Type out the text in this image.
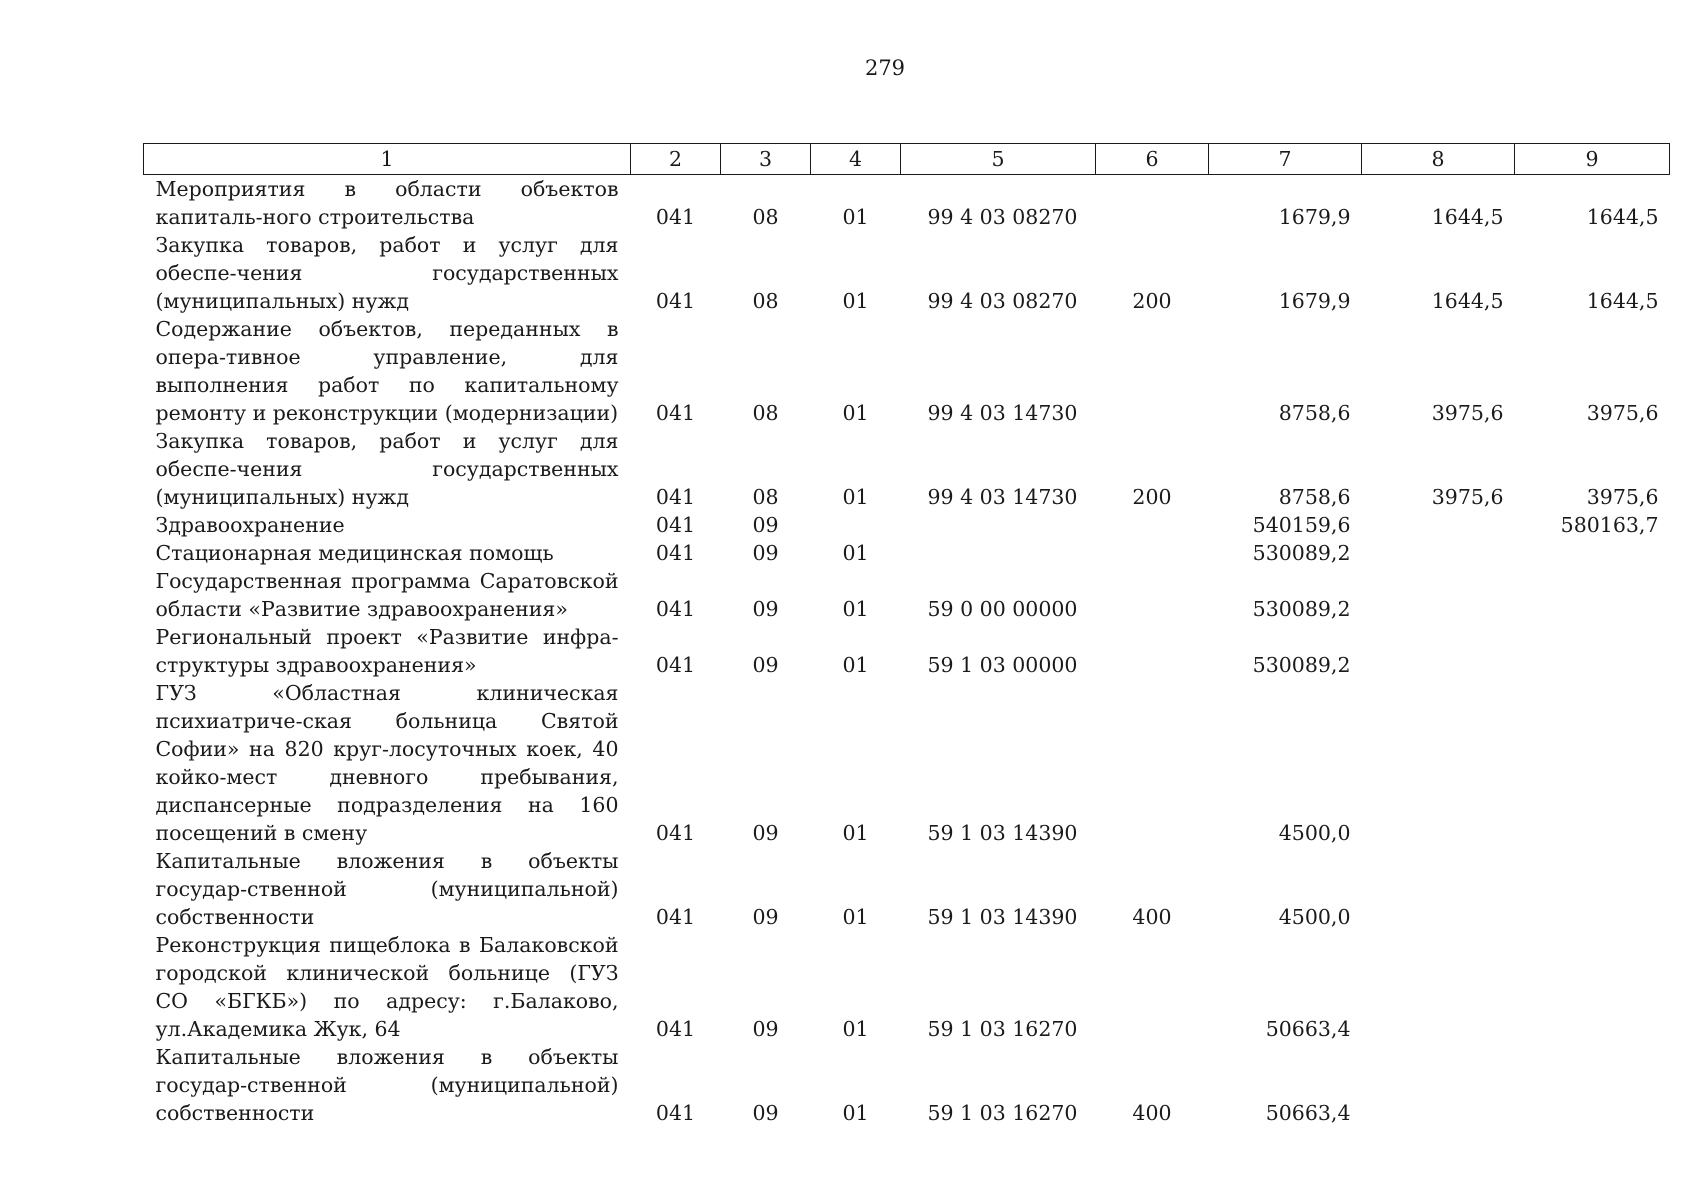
279
1	2	3	4	5	6	7	8	9
Мероприятия в области объектов капиталь-ного строительства	041	08	01	99 4 03 08270		1679,9	1644,5	1644,5
Закупка товаров, работ и услуг для обеспе-чения государственных (муниципальных) нужд	041	08	01	99 4 03 08270	200	1679,9	1644,5	1644,5
Содержание объектов, переданных в опера-тивное управление, для выполнения работ по капитальному ремонту и реконструкции (модернизации)	041	08	01	99 4 03 14730		8758,6	3975,6	3975,6
Закупка товаров, работ и услуг для обеспе-чения государственных (муниципальных) нужд	041	08	01	99 4 03 14730	200	8758,6	3975,6	3975,6
Здравоохранение	041	09				540159,6		580163,7
Стационарная медицинская помощь	041	09	01			530089,2		
Государственная программа Саратовской области «Развитие здравоохранения»	041	09	01	59 0 00 00000		530089,2		
Региональный проект «Развитие инфра-структуры здравоохранения»	041	09	01	59 1 03 00000		530089,2		
ГУЗ «Областная клиническая психиатриче-ская больница Святой Софии» на 820 круг-лосуточных коек, 40 койко-мест дневного пребывания, диспансерные подразделения на 160 посещений в смену	041	09	01	59 1 03 14390		4500,0		
Капитальные вложения в объекты государ-ственной (муниципальной) собственности	041	09	01	59 1 03 14390	400	4500,0		
Реконструкция пищеблока в Балаковской городской клинической больнице (ГУЗ СО «БГКБ») по адресу: г.Балаково, ул.Академика Жук, 64	041	09	01	59 1 03 16270		50663,4		
Капитальные вложения в объекты государ-ственной (муниципальной) собственности	041	09	01	59 1 03 16270	400	50663,4		
